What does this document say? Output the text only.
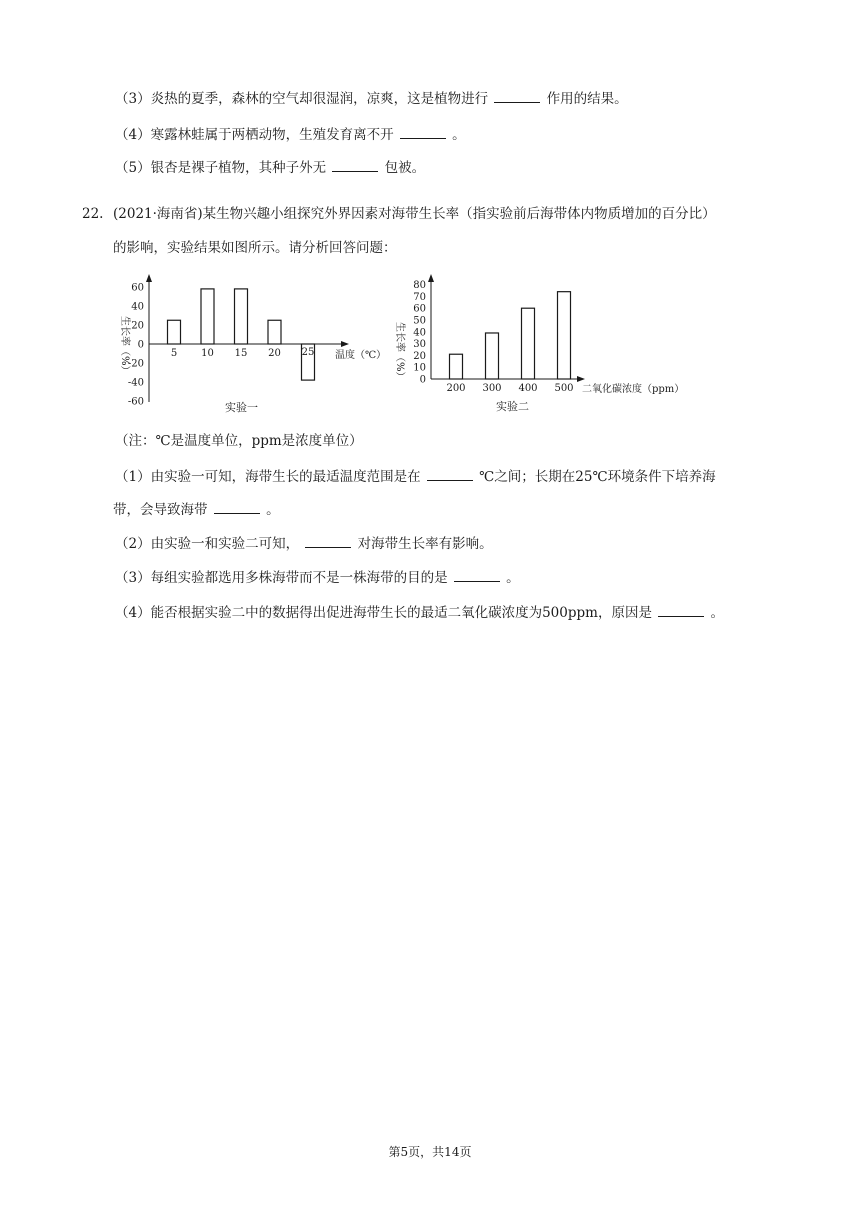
（3）炎热的夏季，森林的空气却很湿润，凉爽，这是植物进行	作用的结果。
（4）寒露林蛙属于两栖动物，生殖发育离不开	。
（5）银杏是裸子植物，其种子外无	包被。
22. (2021·海南省)某生物兴趣小组探究外界因素对海带生长率（指实验前后海带体内物质增加的百分比）
的影响，实验结果如图所示。请分析回答问题：
生长率（%）	温度（℃）
实验一
60
40
20
0
-20
-40
-60
5 10 15 20 25	生长率（%）
二氧化碳浓度（ppm）
实验二
80
70
60
50
40
30
20
10
0
200 300 400 500
（注：℃是温度单位，ppm是浓度单位）
（1）由实验一可知，海带生长的最适温度范围是在	℃之间；长期在25℃环境条件下培养海
带，会导致海带	。
（2）由实验一和实验二可知，	对海带生长率有影响。
（3）每组实验都选用多株海带而不是一株海带的目的是	。
（4）能否根据实验二中的数据得出促进海带生长的最适二氧化碳浓度为500ppm，原因是	。
第5页，共14页
